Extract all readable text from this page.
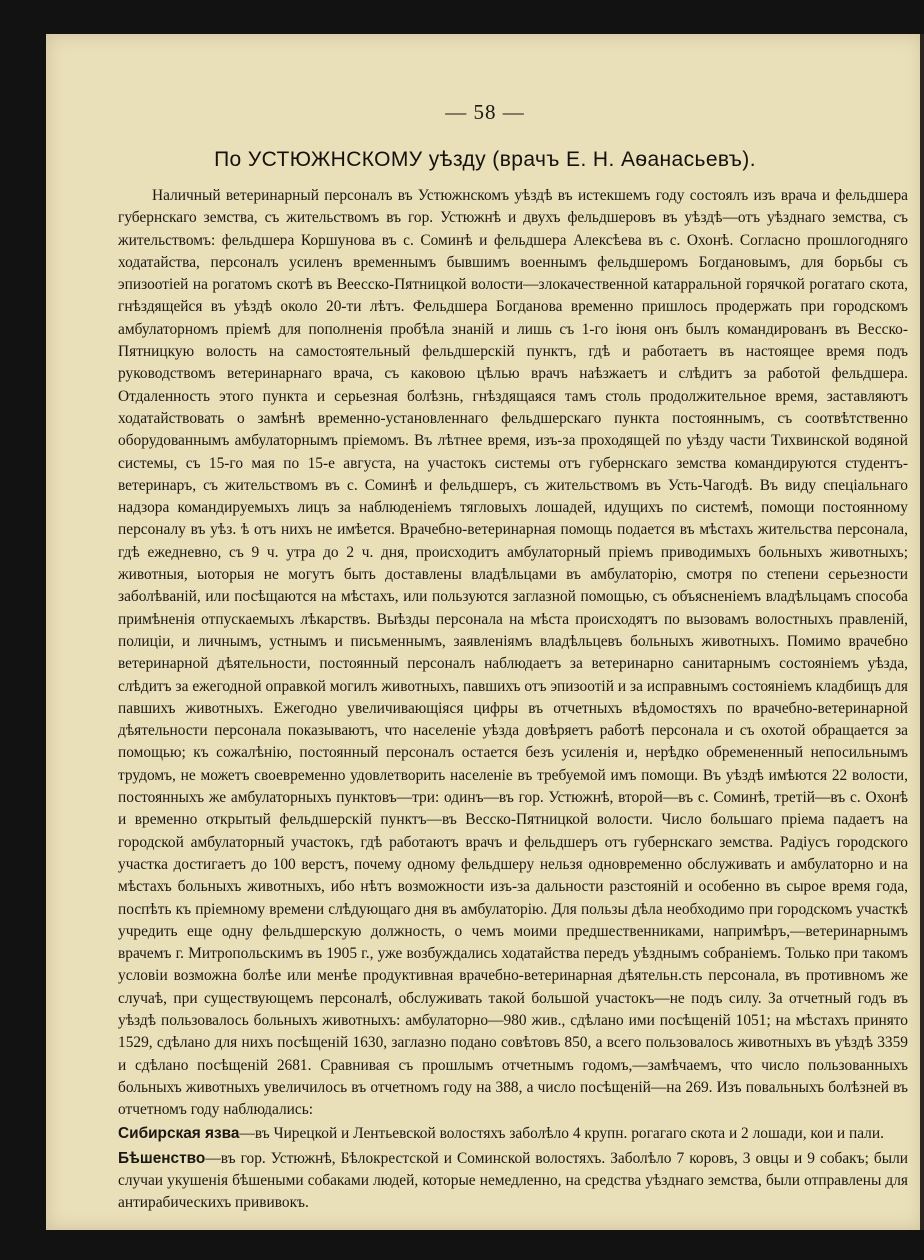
— 58 —
По УСТЮЖНСКОМУ уѣзду (врачъ Е. Н. Аѳанасьевъ).

Наличный ветеринарный персоналъ въ Устюжнскомъ уѣздѣ въ истекшемъ году состоялъ изъ врача и фельдшера губернскаго земства, съ жительствомъ въ гор. Устюжнѣ и двухъ фельдшеровъ въ уѣздѣ—отъ уѣзднаго земства, съ жительствомъ: фельдшера Коршунова въ с. Соминѣ и фельдшера Алексѣева въ с. Охонѣ. Согласно прошлогодняго ходатайства, персоналъ усиленъ временнымъ бывшимъ военнымъ фельдшеромъ Богдановымъ, для борьбы съ эпизоотiей на рогатомъ скотѣ въ Веесско-Пятницкой волости—злокачественной катарральной горячкой рогатаго скота, гнѣздящейся въ уѣздѣ около 20-ти лѣтъ. Фельдшера Богданова временно пришлось продержать при городскомъ амбулаторномъ прiемѣ для пополненiя пробѣла знанiй и лишь съ 1-го iюня онъ былъ командированъ въ Весско-Пятницкую волость на самостоятельный фельдшерскiй пунктъ, гдѣ и работаетъ въ настоящее время подъ руководствомъ ветеринарнаго врача, съ каковою цѣлью врачъ наѣзжаетъ и слѣдитъ за работой фельдшера. Отдаленность этого пункта и серьезная болѣзнь, гнѣздящаяся тамъ столь продолжительное время, заставляютъ ходатайствовать о замѣнѣ временно-установленнаго фельдшерскаго пункта постояннымъ, съ соотвѣтственно оборудованнымъ амбулаторнымъ прiемомъ. Въ лѣтнее время, изъ-за проходящей по уѣзду части Тихвинской водяной системы, съ 15-го мая по 15-е августа, на участокъ системы отъ губернскаго земства командируются студентъ-ветеринаръ, съ жительствомъ въ с. Соминѣ и фельдшеръ, съ жительствомъ въ Усть-Чагодѣ. Въ виду спецiальнаго надзора командируемыхъ лицъ за наблюденiемъ тягловыхъ лошадей, идущихъ по системѣ, помощи постоянному персоналу въ уѣз. ѣ отъ нихъ не имѣется. Врачебно-ветеринарная помощь подается въ мѣстахъ жительства персонала, гдѣ ежедневно, съ 9 ч. утра до 2 ч. дня, происходитъ амбулаторный прiемъ приводимыхъ больныхъ животныхъ; животныя, ыоторыя не могутъ быть доставлены владѣльцами въ амбулаторiю, смотря по степени серьезности заболѣванiй, или посѣщаются на мѣстахъ, или пользуются заглазной помощью, съ объясненiемъ владѣльцамъ способа примѣненiя отпускаемыхъ лѣкарствъ. Выѣзды персонала на мѣста происходятъ по вызовамъ волостныхъ правленiй, полицiи, и личнымъ, устнымъ и письменнымъ, заявленiямъ владѣльцевъ больныхъ животныхъ. Помимо врачебно ветеринарной дѣятельности, постоянный персоналъ наблюдаетъ за ветеринарно санитарнымъ состоянiемъ уѣзда, слѣдитъ за ежегодной оправкой могилъ животныхъ, павшихъ отъ эпизоотiй и за исправнымъ состоянiемъ кладбищъ для павшихъ животныхъ. Ежегодно увеличивающiяся цифры въ отчетныхъ вѣдомостяхъ по врачебно-ветеринарной дѣятельности персонала показываютъ, что населенiе уѣзда довѣряетъ работѣ персонала и съ охотой обращается за помощью; къ сожалѣнiю, постоянный персоналъ остается безъ усиленiя и, нерѣдко обремененный непосильнымъ трудомъ, не можетъ своевременно удовлетворить населенiе въ требуемой имъ помощи. Въ уѣздѣ имѣются 22 волости, постоянныхъ же амбулаторныхъ пунктовъ—три: одинъ—въ гор. Устюжнѣ, второй—въ с. Соминѣ, третiй—въ с. Охонѣ и временно открытый фельдшерскiй пунктъ—въ Весско-Пятницкой волости. Число большаго прiема падаетъ на городской амбулаторный участокъ, гдѣ работаютъ врачъ и фельдшеръ отъ губернскаго земства. Радiусъ городского участка достигаетъ до 100 верстъ, почему одному фельдшеру нельзя одновременно обслуживать и амбулаторно и на мѣстахъ больныхъ животныхъ, ибо нѣтъ возможности изъ-за дальности разстоянiй и особенно въ сырое время года, поспѣть къ прiемному времени слѣдующаго дня въ амбулаторiю. Для пользы дѣла необходимо при городскомъ участкѣ учредить еще одну фельдшерскую должность, о чемъ моими предшественниками, напримѣръ,—ветеринарнымъ врачемъ г. Митропольскимъ въ 1905 г., уже возбуждались ходатайства передъ уѣзднымъ собранiемъ. Только при такомъ условiи возможна болѣе или менѣе продуктивная врачебно-ветеринарная дѣятельн.сть персонала, въ противномъ же случаѣ, при существующемъ персоналѣ, обслуживать такой большой участокъ—не подъ силу. За отчетный годъ въ уѣздѣ пользовалось больныхъ животныхъ: амбулаторно—980 жив., сдѣлано ими посѣщенiй 1051; на мѣстахъ принято 1529, сдѣлано для нихъ посѣщенiй 1630, заглазно подано совѣтовъ 850, а всего пользовалось животныхъ въ уѣздѣ 3359 и сдѣлано посѣщенiй 2681. Сравнивая съ прошлымъ отчетнымъ годомъ,—замѣчаемъ, что число пользованныхъ больныхъ животныхъ увеличилось въ отчетномъ году на 388, а число посѣщенiй—на 269. Изъ повальныхъ болѣзней въ отчетномъ году наблюдались:

Сибирская язва—въ Чирецкой и Лентьевской волостяхъ заболѣло 4 крупн. рогагаго скота и 2 лошади, кои и пали.

Бѣшенство—въ гор. Устюжнѣ, Бѣлокрестской и Соминской волостяхъ. Заболѣло 7 коровъ, 3 овцы и 9 собакъ; были случаи укушенiя бѣшеными собаками людей, которые немедленно, на средства уѣзднаго земства, были отправлены для антирабическихъ прививокъ.
